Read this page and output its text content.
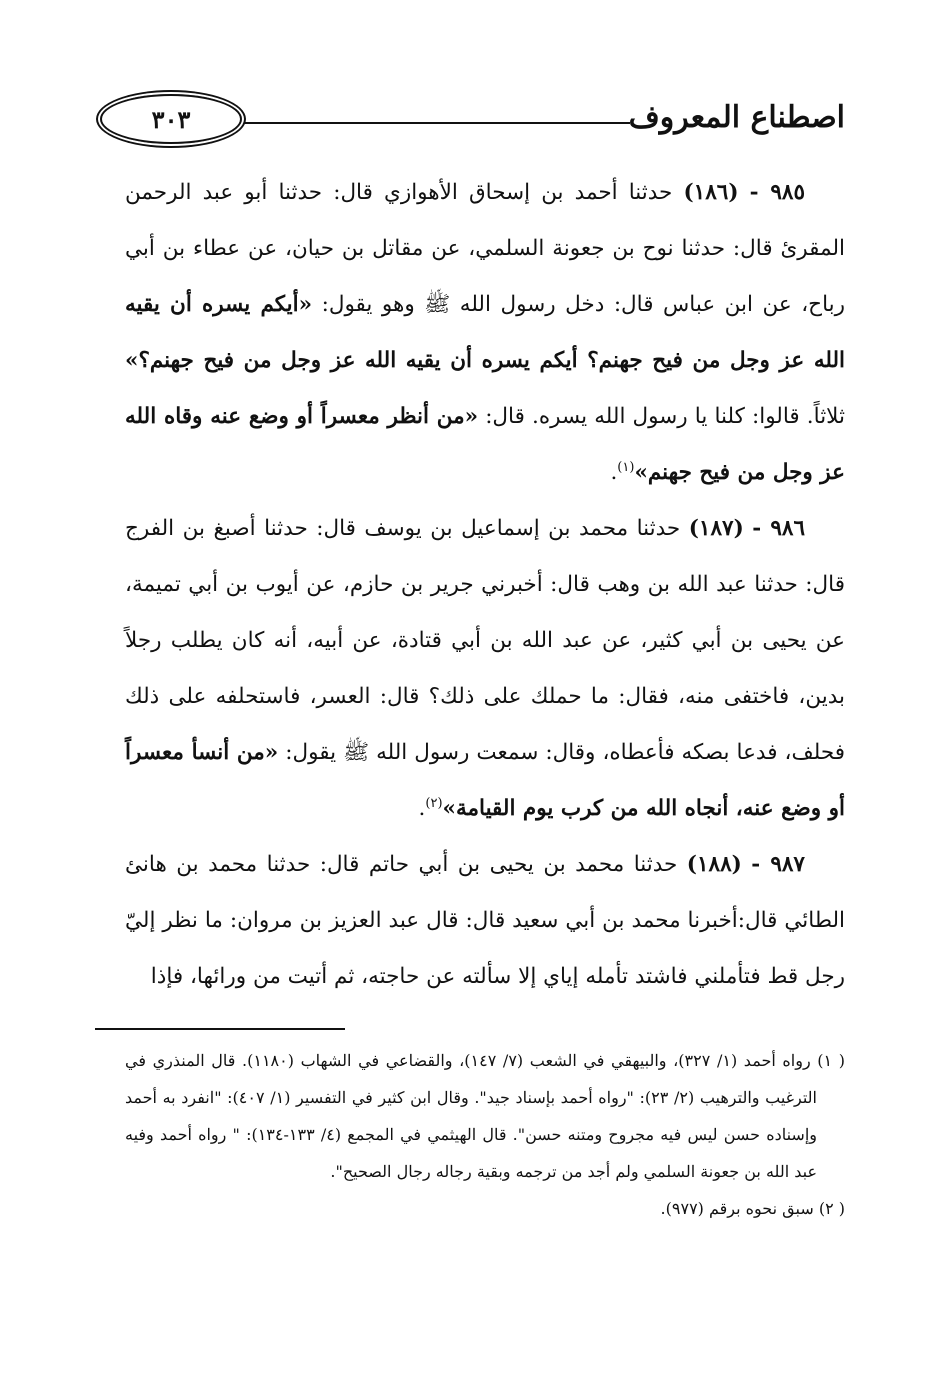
اصطناع المعروف
٣٠٣

٩٨٥ - (١٨٦) حدثنا أحمد بن إسحاق الأهوازي قال: حدثنا أبو عبد الرحمن المقرئ قال: حدثنا نوح بن جعونة السلمي، عن مقاتل بن حيان، عن عطاء بن أبي رباح، عن ابن عباس قال: دخل رسول الله ﷺ وهو يقول: «أيكم يسره أن يقيه الله عز وجل من فيح جهنم؟ أيكم يسره أن يقيه الله عز وجل من فيح جهنم؟» ثلاثاً. قالوا: كلنا يا رسول الله يسره. قال: «من أنظر معسراً أو وضع عنه وقاه الله عز وجل من فيح جهنم»$^{(١)}$.

٩٨٦ - (١٨٧) حدثنا محمد بن إسماعيل بن يوسف قال: حدثنا أصبغ بن الفرج قال: حدثنا عبد الله بن وهب قال: أخبرني جرير بن حازم، عن أيوب بن أبي تميمة، عن يحيى بن أبي كثير، عن عبد الله بن أبي قتادة، عن أبيه، أنه كان يطلب رجلاً بدين، فاختفى منه، فقال: ما حملك على ذلك؟ قال: العسر، فاستحلفه على ذلك فحلف، فدعا بصكه فأعطاه، وقال: سمعت رسول الله ﷺ يقول: «من أنسأ معسراً أو وضع عنه، أنجاه الله من كرب يوم القيامة»$^{(٢)}$.

٩٨٧ - (١٨٨) حدثنا محمد بن يحيى بن أبي حاتم قال: حدثنا محمد بن هانئ الطائي قال:أخبرنا محمد بن أبي سعيد قال: قال عبد العزيز بن مروان: ما نظر إليّ رجل قط فتأملني فاشتد تأمله إياي إلا سألته عن حاجته، ثم أتيت من ورائها، فإذا

( ١) رواه أحمد (١/ ٣٢٧)، والبيهقي في الشعب (٧/ ١٤٧)، والقضاعي في الشهاب (١١٨٠). قال المنذري في الترغيب والترهيب (٢/ ٢٣): "رواه أحمد بإسناد جيد". وقال ابن كثير في التفسير (١/ ٤٠٧): "انفرد به أحمد وإسناده حسن ليس فيه مجروح ومتنه حسن". قال الهيثمي في المجمع (٤/ ١٣٣-١٣٤): " رواه أحمد وفيه عبد الله بن جعونة السلمي ولم أجد من ترجمه وبقية رجاله رجال الصحيح".

( ٢) سبق نحوه برقم (٩٧٧).
